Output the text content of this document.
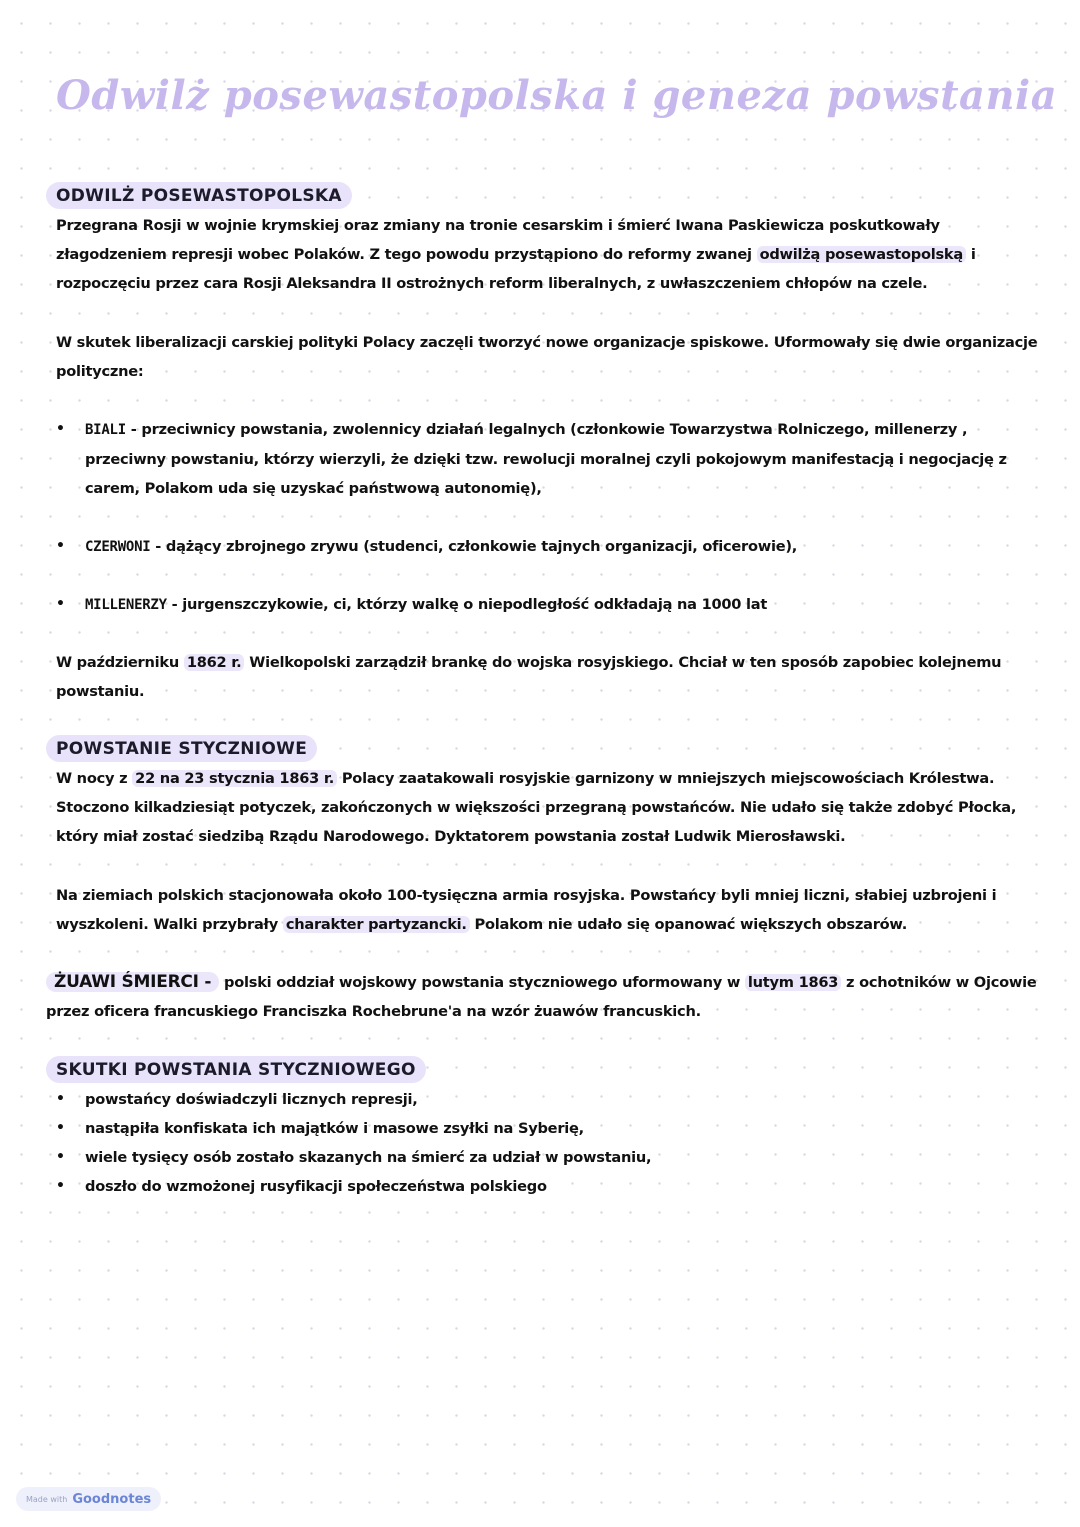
Odwilż posewastopolska i geneza powstania
ODWILŻ POSEWASTOPOLSKA

Przegrana Rosji w wojnie krymskiej oraz zmiany na tronie cesarskim i śmierć Iwana Paskiewicza poskutkowały złagodzeniem represji wobec Polaków. Z tego powodu przystąpiono do reformy zwanej odwilżą posewastopolską i rozpoczęciu przez cara Rosji Aleksandra II ostrożnych reform liberalnych, z uwłaszczeniem chłopów na czele.

W skutek liberalizacji carskiej polityki Polacy zaczęli tworzyć nowe organizacje spiskowe. Uformowały się dwie organizacje polityczne:

•	BIALI - przeciwnicy powstania, zwolennicy działań legalnych (członkowie Towarzystwa Rolniczego, millenerzy , przeciwny powstaniu, którzy wierzyli, że dzięki tzw. rewolucji moralnej czyli pokojowym manifestacją i negocjację z carem, Polakom uda się uzyskać państwową autonomię),
•	CZERWONI - dążący zbrojnego zrywu (studenci, członkowie tajnych organizacji, oficerowie),
•	MILLENERZY - jurgenszczykowie, ci, którzy walkę o niepodległość odkładają na 1000 lat

W październiku 1862 r. Wielkopolski zarządził brankę do wojska rosyjskiego. Chciał w ten sposób zapobiec kolejnemu powstaniu.

POWSTANIE STYCZNIOWE

W nocy z 22 na 23 stycznia 1863 r. Polacy zaatakowali rosyjskie garnizony w mniejszych miejscowościach Królestwa. Stoczono kilkadziesiąt potyczek, zakończonych w większości przegraną powstańców. Nie udało się także zdobyć Płocka, który miał zostać siedzibą Rządu Narodowego. Dyktatorem powstania został Ludwik Mierosławski.

Na ziemiach polskich stacjonowała około 100-tysięczna armia rosyjska. Powstańcy byli mniej liczni, słabiej uzbrojeni i wyszkoleni. Walki przybrały charakter partyzancki. Polakom nie udało się opanować większych obszarów.

ŻUAWI ŚMIERCI - polski oddział wojskowy powstania styczniowego uformowany w lutym 1863 z ochotników w Ojcowie przez oficera francuskiego Franciszka Rochebrune'a na wzór żuawów francuskich.

SKUTKI POWSTANIA STYCZNIOWEGO
• powstańcy doświadczyli licznych represji,
• nastąpiła konfiskata ich majątków i masowe zsyłki na Syberię,
• wiele tysięcy osób zostało skazanych na śmierć za udział w powstaniu,
• doszło do wzmożonej rusyfikacji społeczeństwa polskiego
Made with Goodnotes
